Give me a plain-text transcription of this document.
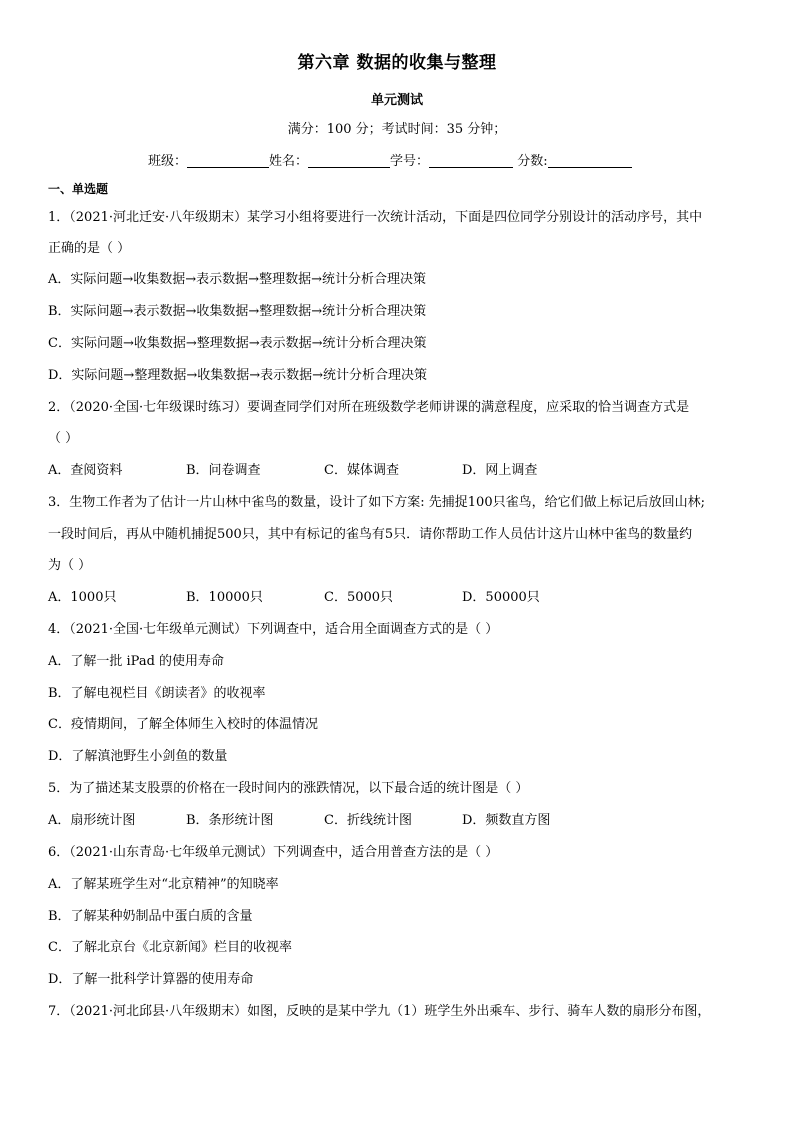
第六章 数据的收集与整理
单元测试
满分：100 分；考试时间：35 分钟；
班级：	姓名：	学号：	分数:
一、单选题
1．（2021·河北迁安·八年级期末）某学习小组将要进行一次统计活动，下面是四位同学分别设计的活动序号，其中
正确的是（ ）
A．实际问题→收集数据→表示数据→整理数据→统计分析合理决策
B．实际问题→表示数据→收集数据→整理数据→统计分析合理决策
C．实际问题→收集数据→整理数据→表示数据→统计分析合理决策
D．实际问题→整理数据→收集数据→表示数据→统计分析合理决策
2．（2020·全国·七年级课时练习）要调查同学们对所在班级数学老师讲课的满意程度，应采取的恰当调查方式是
（ ）
A．查阅资料	B．问卷调查	C．媒体调查	D．网上调查
3．生物工作者为了估计一片山林中雀鸟的数量，设计了如下方案: 先捕捉100只雀鸟，给它们做上标记后放回山林;
一段时间后，再从中随机捕捉500只，其中有标记的雀鸟有5只．请你帮助工作人员估计这片山林中雀鸟的数量约
为（ ）
A．1000只	B．10000只	C．5000只	D．50000只
4．（2021·全国·七年级单元测试）下列调查中，适合用全面调查方式的是（ ）
A．了解一批 iPad 的使用寿命
B．了解电视栏目《朗读者》的收视率
C．疫情期间，了解全体师生入校时的体温情况
D．了解滇池野生小剑鱼的数量
5．为了描述某支股票的价格在一段时间内的涨跌情况，以下最合适的统计图是（ ）
A．扇形统计图	B．条形统计图	C．折线统计图	D．频数直方图
6．（2021·山东青岛·七年级单元测试）下列调查中，适合用普查方法的是（ ）
A．了解某班学生对“北京精神”的知晓率
B．了解某种奶制品中蛋白质的含量
C．了解北京台《北京新闻》栏目的收视率
D．了解一批科学计算器的使用寿命
7．（2021·河北邱县·八年级期末）如图，反映的是某中学九（1）班学生外出乘车、步行、骑车人数的扇形分布图，
